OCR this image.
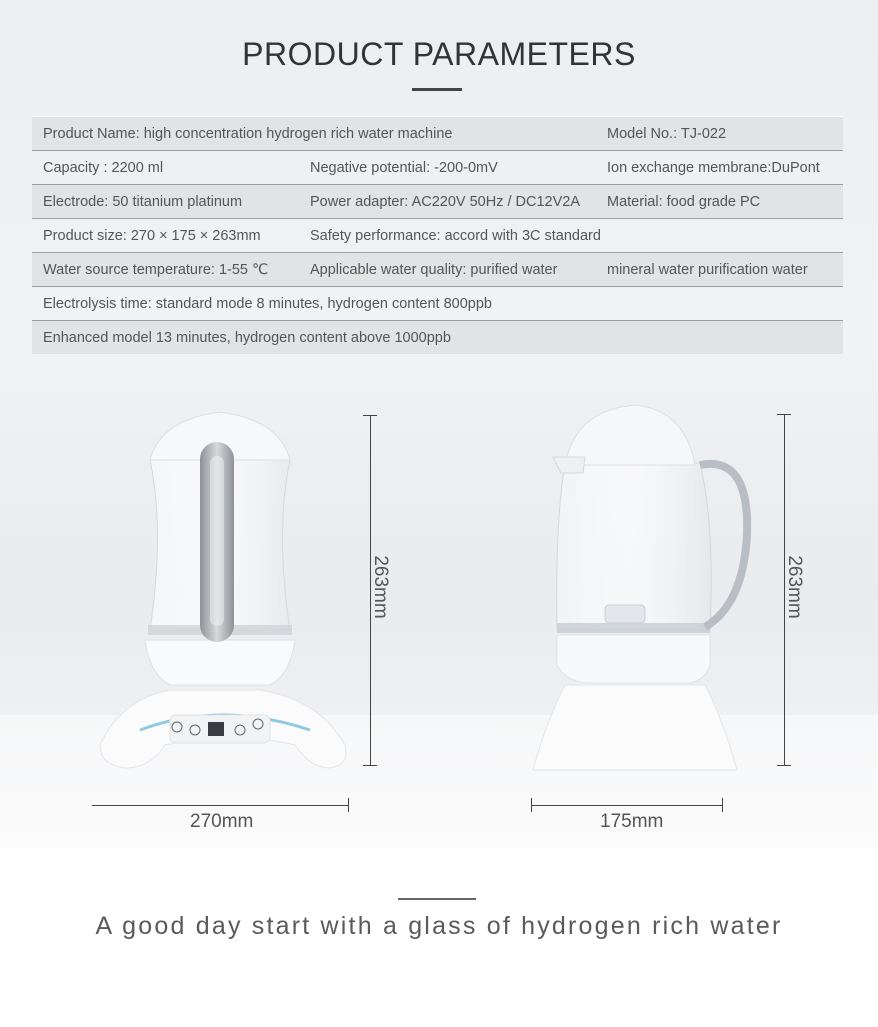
PRODUCT PARAMETERS
Product Name: high concentration hydrogen rich water machine		Model No.: TJ-022
Capacity : 2200 ml	Negative potential: -200-0mV	Ion exchange membrane:DuPont
Electrode: 50 titanium platinum	Power adapter: AC220V 50Hz / DC12V2A	Material: food grade PC
Product size: 270 × 175 × 263mm	Safety performance: accord with 3C standard	
Water source temperature: 1-55 ℃	Applicable water quality: purified water	mineral water purification water
Electrolysis time: standard mode 8 minutes, hydrogen content 800ppb		
Enhanced model 13 minutes, hydrogen content above 1000ppb		
263mm
270mm
263mm
175mm
A good day start with a glass of hydrogen rich water
